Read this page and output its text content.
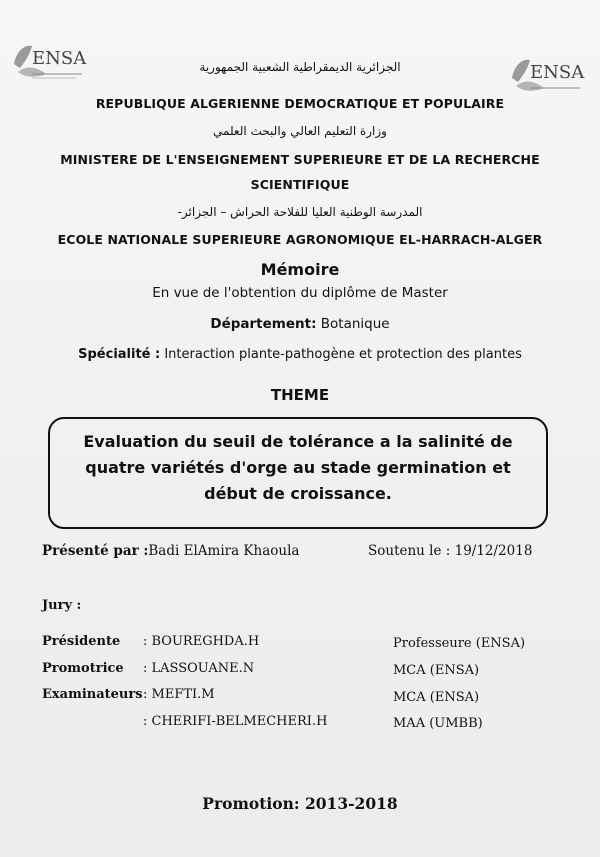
ENSA
ENSA
الجزائرية الديمقراطية الشعبية الجمهورية
REPUBLIQUE ALGERIENNE DEMOCRATIQUE ET POPULAIRE
وزارة التعليم العالي والبحث العلمي
MINISTERE DE L'ENSEIGNEMENT SUPERIEURE ET DE LA RECHERCHE
SCIENTIFIQUE
المدرسة الوطنية العليا للفلاحة الحراش – الجزائر-
ECOLE NATIONALE SUPERIEURE AGRONOMIQUE EL-HARRACH-ALGER
Mémoire
En vue de l'obtention du diplôme de Master
Département: Botanique
Spécialité : Interaction plante-pathogène et protection des plantes
THEME
Evaluation du seuil de tolérance a la salinité de
quatre variétés d'orge au stade germination et
début de croissance.
Présenté par :Badi ElAmira Khaoula	Soutenu le : 19/12/2018
Jury :
Présidente : BOUREGHDA.H	Professeure (ENSA)
Promotrice : LASSOUANE.N	MCA (ENSA)
Examinateurs : MEFTI.M	MCA (ENSA)
: CHERIFI-BELMECHERI.H	MAA (UMBB)
Promotion: 2013-2018
